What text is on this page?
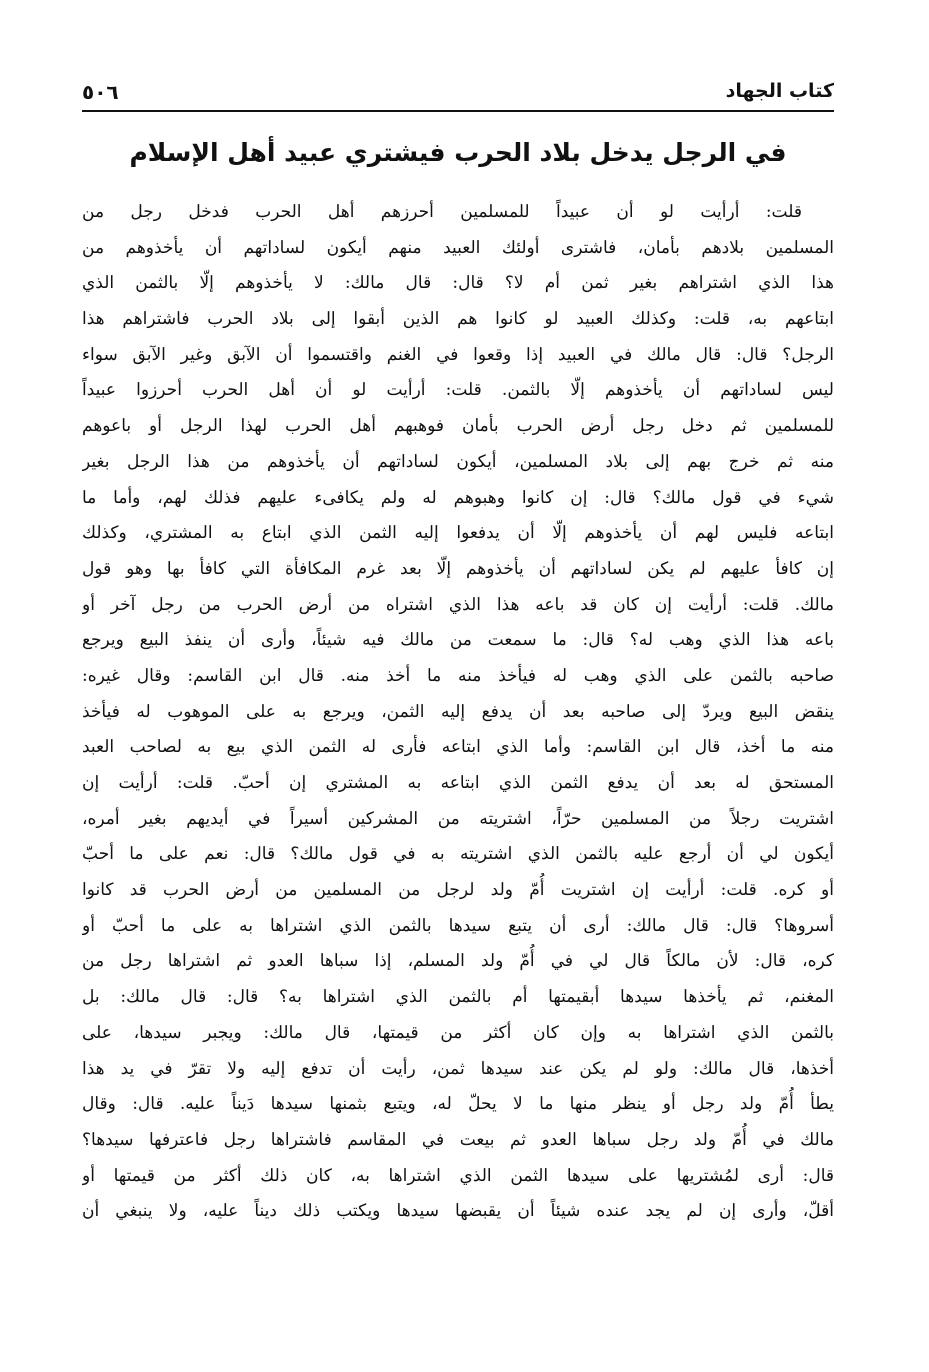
كتاب الجهاد
٥٠٦
في الرجل يدخل بلاد الحرب فيشتري عبيد أهل الإسلام
قلت: أرأيت لو أن عبيداً للمسلمين أحرزهم أهل الحرب فدخل رجل من
المسلمين بلادهم بأمان، فاشترى أولئك العبيد منهم أيكون لساداتهم أن يأخذوهم من
هذا الذي اشتراهم بغير ثمن أم لا؟ قال: قال مالك: لا يأخذوهم إلّا بالثمن الذي
ابتاعهم به، قلت: وكذلك العبيد لو كانوا هم الذين أبقوا إلى بلاد الحرب فاشتراهم هذا
الرجل؟ قال: قال مالك في العبيد إذا وقعوا في الغنم واقتسموا أن الآبق وغير الآبق سواء
ليس لساداتهم أن يأخذوهم إلّا بالثمن. قلت: أرأيت لو أن أهل الحرب أحرزوا عبيداً
للمسلمين ثم دخل رجل أرض الحرب بأمان فوهبهم أهل الحرب لهذا الرجل أو باعوهم
منه ثم خرج بهم إلى بلاد المسلمين، أيكون لساداتهم أن يأخذوهم من هذا الرجل بغير
شيء في قول مالك؟ قال: إن كانوا وهبوهم له ولم يكافىء عليهم فذلك لهم، وأما ما
ابتاعه فليس لهم أن يأخذوهم إلّا أن يدفعوا إليه الثمن الذي ابتاع به المشتري، وكذلك
إن كافأ عليهم لم يكن لساداتهم أن يأخذوهم إلّا بعد غرم المكافأة التي كافأ بها وهو قول
مالك. قلت: أرأيت إن كان قد باعه هذا الذي اشتراه من أرض الحرب من رجل آخر أو
باعه هذا الذي وهب له؟ قال: ما سمعت من مالك فيه شيئاً، وأرى أن ينفذ البيع ويرجع
صاحبه بالثمن على الذي وهب له فيأخذ منه ما أخذ منه. قال ابن القاسم: وقال غيره:
ينقض البيع ويردّ إلى صاحبه بعد أن يدفع إليه الثمن، ويرجع به على الموهوب له فيأخذ
منه ما أخذ، قال ابن القاسم: وأما الذي ابتاعه فأرى له الثمن الذي بيع به لصاحب العبد
المستحق له بعد أن يدفع الثمن الذي ابتاعه به المشتري إن أحبّ. قلت: أرأيت إن
اشتريت رجلاً من المسلمين حرّاً، اشتريته من المشركين أسيراً في أيديهم بغير أمره،
أيكون لي أن أرجع عليه بالثمن الذي اشتريته به في قول مالك؟ قال: نعم على ما أحبّ
أو كره. قلت: أرأيت إن اشتريت أُمّ ولد لرجل من المسلمين من أرض الحرب قد كانوا
أسروها؟ قال: قال مالك: أرى أن يتبع سيدها بالثمن الذي اشتراها به على ما أحبّ أو
كره، قال: لأن مالكاً قال لي في أُمّ ولد المسلم، إذا سباها العدو ثم اشتراها رجل من
المغنم، ثم يأخذها سيدها أبقيمتها أم بالثمن الذي اشتراها به؟ قال: قال مالك: بل
بالثمن الذي اشتراها به وإن كان أكثر من قيمتها، قال مالك: ويجبر سيدها، على
أخذها، قال مالك: ولو لم يكن عند سيدها ثمن، رأيت أن تدفع إليه ولا تقرّ في يد هذا
يطأ أُمّ ولد رجل أو ينظر منها ما لا يحلّ له، ويتبع بثمنها سيدها دَيناً عليه. قال: وقال
مالك في أُمّ ولد رجل سباها العدو ثم بيعت في المقاسم فاشتراها رجل فاعترفها سيدها؟
قال: أرى لمُشتريها على سيدها الثمن الذي اشتراها به، كان ذلك أكثر من قيمتها أو
أقلّ، وأرى إن لم يجد عنده شيئاً أن يقبضها سيدها ويكتب ذلك ديناً عليه، ولا ينبغي أن
